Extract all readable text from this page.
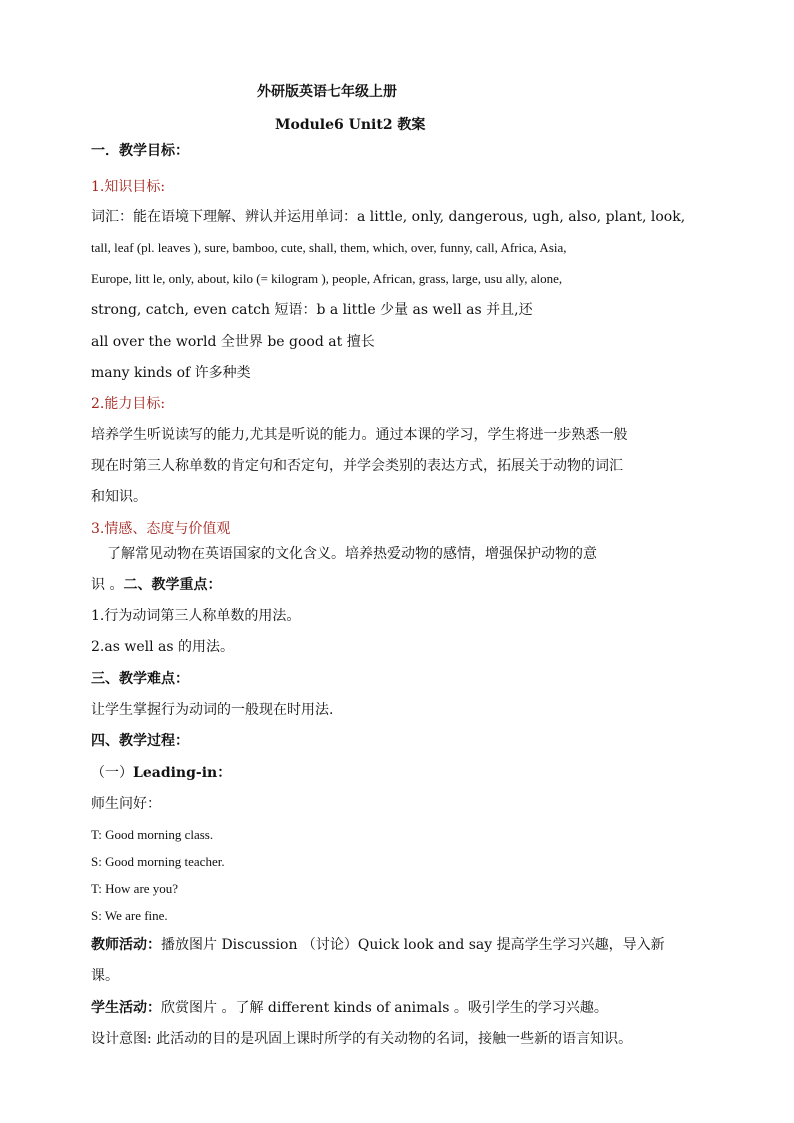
外研版英语七年级上册
Module6 Unit2 教案
一．教学目标：
1.知识目标:
词汇：能在语境下理解、辨认并运用单词：a little, only, dangerous, ugh, also, plant, look,
tall, leaf (pl. leaves ), sure, bamboo, cute, shall, them, which, over, funny, call, Africa, Asia,
Europe, litt le, only, about, kilo (= kilogram ), people, African, grass, large, usu ally, alone,
strong, catch, even catch 短语：b a little 少量 as well as 并且,还
all over the world 全世界 be good at 擅长
many kinds of 许多种类
2.能力目标:
培养学生听说读写的能力,尤其是听说的能力。通过本课的学习，学生将进一步熟悉一般
现在时第三人称单数的肯定句和否定句，并学会类别的表达方式，拓展关于动物的词汇
和知识。
3.情感、态度与价值观
了解常见动物在英语国家的文化含义。培养热爱动物的感情，增强保护动物的意
识 。二、教学重点：
1.行为动词第三人称单数的用法。
2.as well as 的用法。
三、教学难点：
让学生掌握行为动词的一般现在时用法.
四、教学过程：
（一）Leading-in：
师生问好：
T: Good morning class.
S: Good morning teacher.
T: How are you?
S: We are fine.
教师活动：播放图片 Discussion （讨论）Quick look and say 提高学生学习兴趣，导入新
课。
学生活动：欣赏图片 。了解 different kinds of animals 。吸引学生的学习兴趣。
设计意图: 此活动的目的是巩固上课时所学的有关动物的名词，接触一些新的语言知识。
